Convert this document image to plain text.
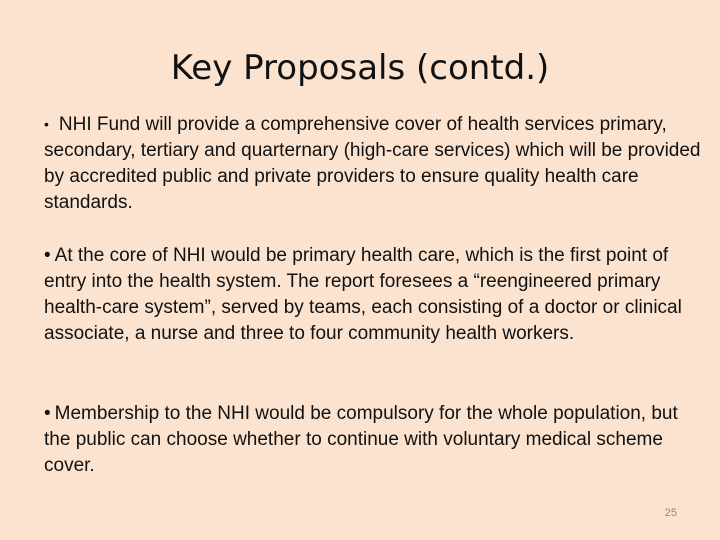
Key Proposals (contd.)

• NHI Fund will provide a comprehensive cover of health services primary, secondary, tertiary and quarternary (high-care services) which will be provided by accredited public and private providers to ensure quality health care standards.

• At the core of NHI would be primary health care, which is the first point of entry into the health system. The report foresees a “reengineered primary health-care system”, served by teams, each consisting of a doctor or clinical associate, a nurse and three to four community health workers.

• Membership to the NHI would be compulsory for the whole population, but the public can choose whether to continue with voluntary medical scheme cover.

25
